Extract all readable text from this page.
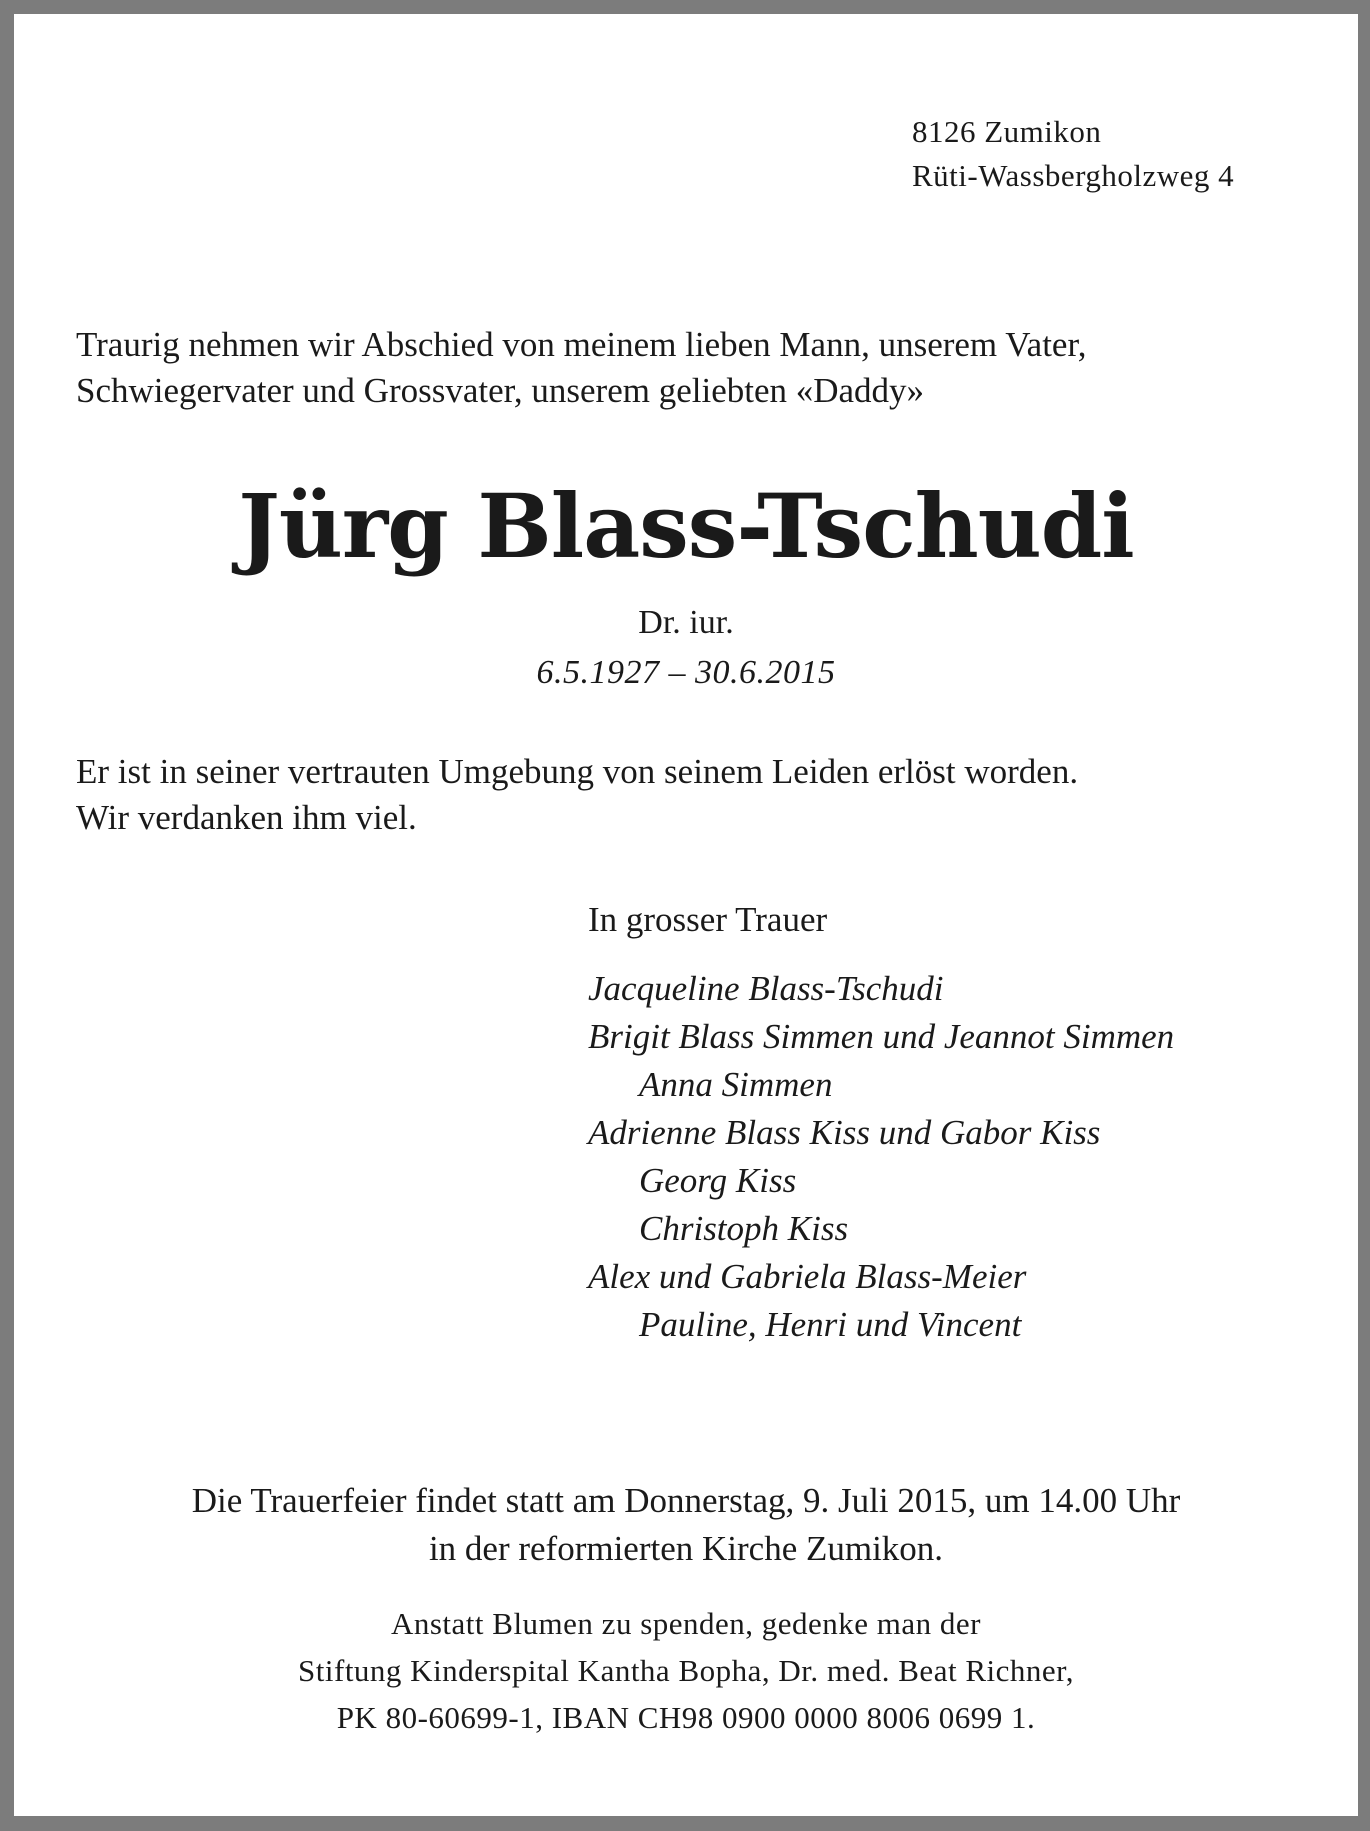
8126 Zumikon
Rüti-Wassbergholzweg 4
Traurig nehmen wir Abschied von meinem lieben Mann, unserem Vater,
Schwiegervater und Grossvater, unserem geliebten «Daddy»
Jürg Blass-Tschudi
Dr. iur.
6.5.1927 – 30.6.2015
Er ist in seiner vertrauten Umgebung von seinem Leiden erlöst worden.
Wir verdanken ihm viel.
In grosser Trauer
Jacqueline Blass-Tschudi
Brigit Blass Simmen und Jeannot Simmen
Anna Simmen
Adrienne Blass Kiss und Gabor Kiss
Georg Kiss
Christoph Kiss
Alex und Gabriela Blass-Meier
Pauline, Henri und Vincent
Die Trauerfeier findet statt am Donnerstag, 9. Juli 2015, um 14.00 Uhr
in der reformierten Kirche Zumikon.
Anstatt Blumen zu spenden, gedenke man der
Stiftung Kinderspital Kantha Bopha, Dr. med. Beat Richner,
PK 80-60699-1, IBAN CH98 0900 0000 8006 0699 1.
